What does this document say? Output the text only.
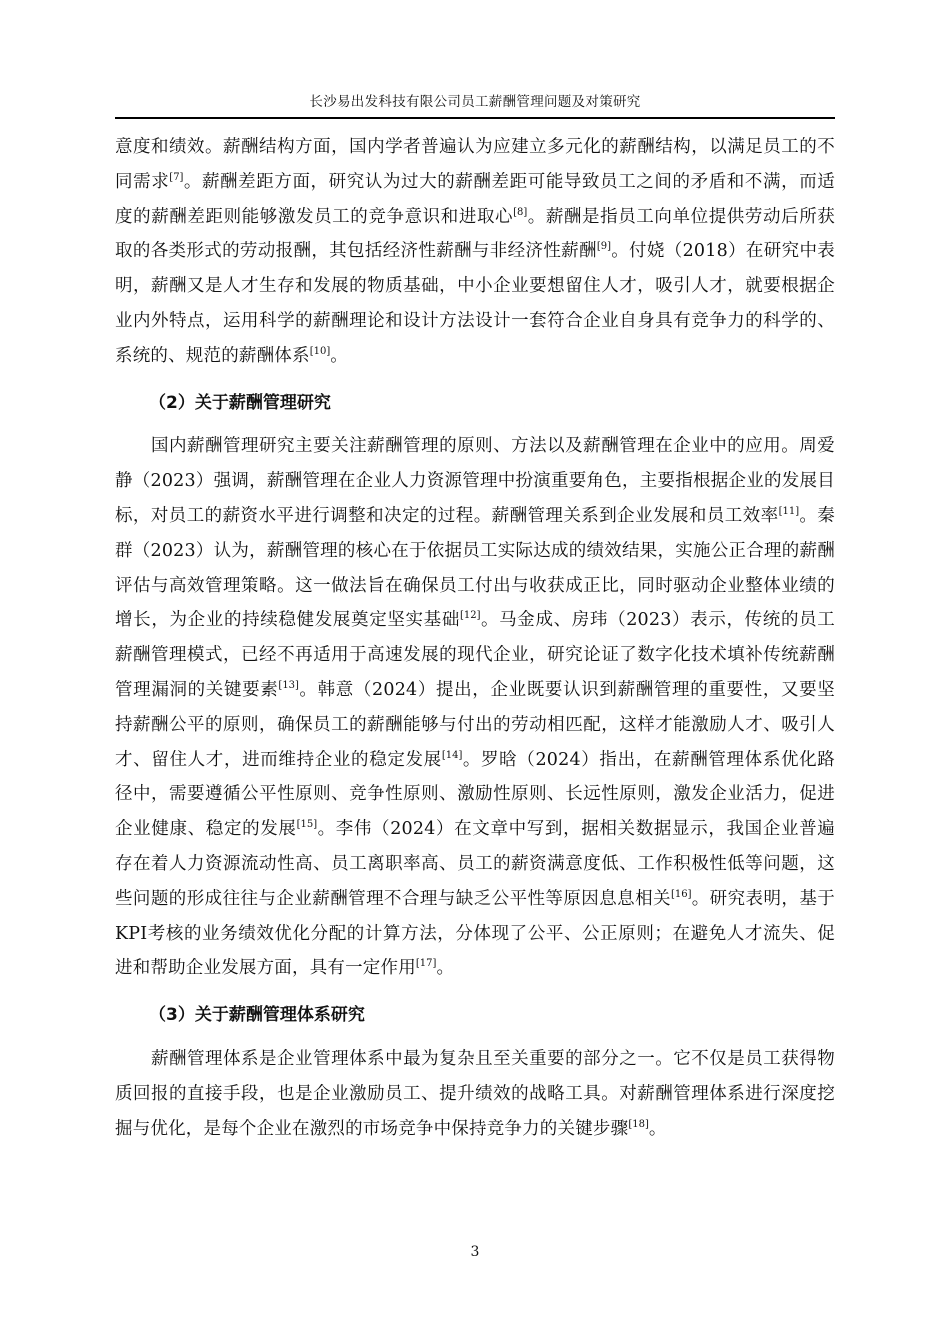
长沙易出发科技有限公司员工薪酬管理问题及对策研究

意度和绩效。薪酬结构方面，国内学者普遍认为应建立多元化的薪酬结构，以满足员工的不同需求[7]。薪酬差距方面，研究认为过大的薪酬差距可能导致员工之间的矛盾和不满，而适度的薪酬差距则能够激发员工的竞争意识和进取心[8]。薪酬是指员工向单位提供劳动后所获取的各类形式的劳动报酬，其包括经济性薪酬与非经济性薪酬[9]。付娆（2018）在研究中表明，薪酬又是人才生存和发展的物质基础，中小企业要想留住人才，吸引人才，就要根据企业内外特点，运用科学的薪酬理论和设计方法设计一套符合企业自身具有竞争力的科学的、系统的、规范的薪酬体系[10]。

（2）关于薪酬管理研究

国内薪酬管理研究主要关注薪酬管理的原则、方法以及薪酬管理在企业中的应用。周爱静（2023）强调，薪酬管理在企业人力资源管理中扮演重要角色，主要指根据企业的发展目标，对员工的薪资水平进行调整和决定的过程。薪酬管理关系到企业发展和员工效率[11]。秦群（2023）认为，薪酬管理的核心在于依据员工实际达成的绩效结果，实施公正合理的薪酬评估与高效管理策略。这一做法旨在确保员工付出与收获成正比，同时驱动企业整体业绩的增长，为企业的持续稳健发展奠定坚实基础[12]。马金成、房玮（2023）表示，传统的员工薪酬管理模式，已经不再适用于高速发展的现代企业，研究论证了数字化技术填补传统薪酬管理漏洞的关键要素[13]。韩意（2024）提出，企业既要认识到薪酬管理的重要性，又要坚持薪酬公平的原则，确保员工的薪酬能够与付出的劳动相匹配，这样才能激励人才、吸引人才、留住人才，进而维持企业的稳定发展[14]。罗晗（2024）指出，在薪酬管理体系优化路径中，需要遵循公平性原则、竞争性原则、激励性原则、长远性原则，激发企业活力，促进企业健康、稳定的发展[15]。李伟（2024）在文章中写到，据相关数据显示，我国企业普遍存在着人力资源流动性高、员工离职率高、员工的薪资满意度低、工作积极性低等问题，这些问题的形成往往与企业薪酬管理不合理与缺乏公平性等原因息息相关[16]。研究表明，基于KPI考核的业务绩效优化分配的计算方法，分体现了公平、公正原则；在避免人才流失、促进和帮助企业发展方面，具有一定作用[17]。

（3）关于薪酬管理体系研究

薪酬管理体系是企业管理体系中最为复杂且至关重要的部分之一。它不仅是员工获得物质回报的直接手段，也是企业激励员工、提升绩效的战略工具。对薪酬管理体系进行深度挖掘与优化，是每个企业在激烈的市场竞争中保持竞争力的关键步骤[18]。

3
